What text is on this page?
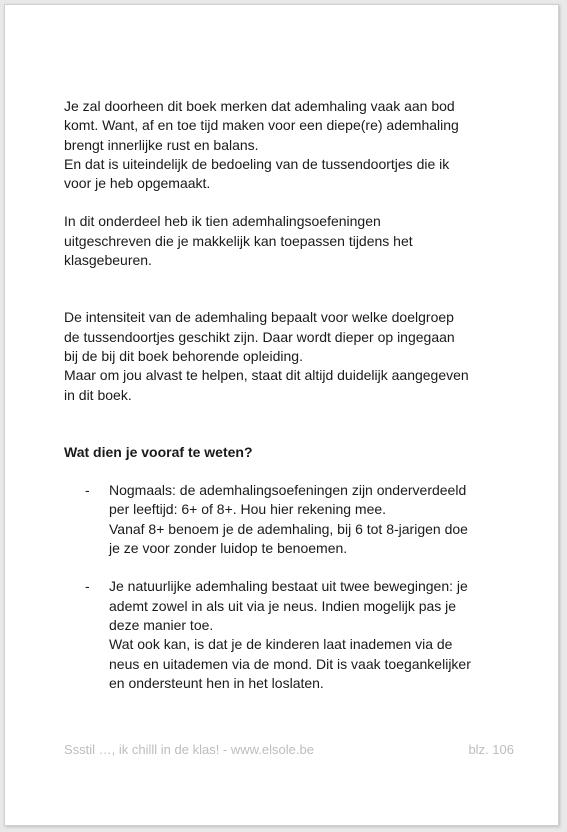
Je zal doorheen dit boek merken dat ademhaling vaak aan bod
komt. Want, af en toe tijd maken voor een diepe(re) ademhaling
brengt innerlijke rust en balans.
En dat is uiteindelijk de bedoeling van de tussendoortjes die ik
voor je heb opgemaakt.

In dit onderdeel heb ik tien ademhalingsoefeningen
uitgeschreven die je makkelijk kan toepassen tijdens het
klasgebeuren.

De intensiteit van de ademhaling bepaalt voor welke doelgroep
de tussendoortjes geschikt zijn. Daar wordt dieper op ingegaan
bij de bij dit boek behorende opleiding.
Maar om jou alvast te helpen, staat dit altijd duidelijk aangegeven
in dit boek.

Wat dien je vooraf te weten?

- Nogmaals: de ademhalingsoefeningen zijn onderverdeeld
per leeftijd: 6+ of 8+. Hou hier rekening mee.
Vanaf 8+ benoem je de ademhaling, bij 6 tot 8-jarigen doe
je ze voor zonder luidop te benoemen.

- Je natuurlijke ademhaling bestaat uit twee bewegingen: je
ademt zowel in als uit via je neus. Indien mogelijk pas je
deze manier toe.
Wat ook kan, is dat je de kinderen laat inademen via de
neus en uitademen via de mond. Dit is vaak toegankelijker
en ondersteunt hen in het loslaten.

Ssstil …, ik chilll in de klas! - www.elsole.be	blz. 106
